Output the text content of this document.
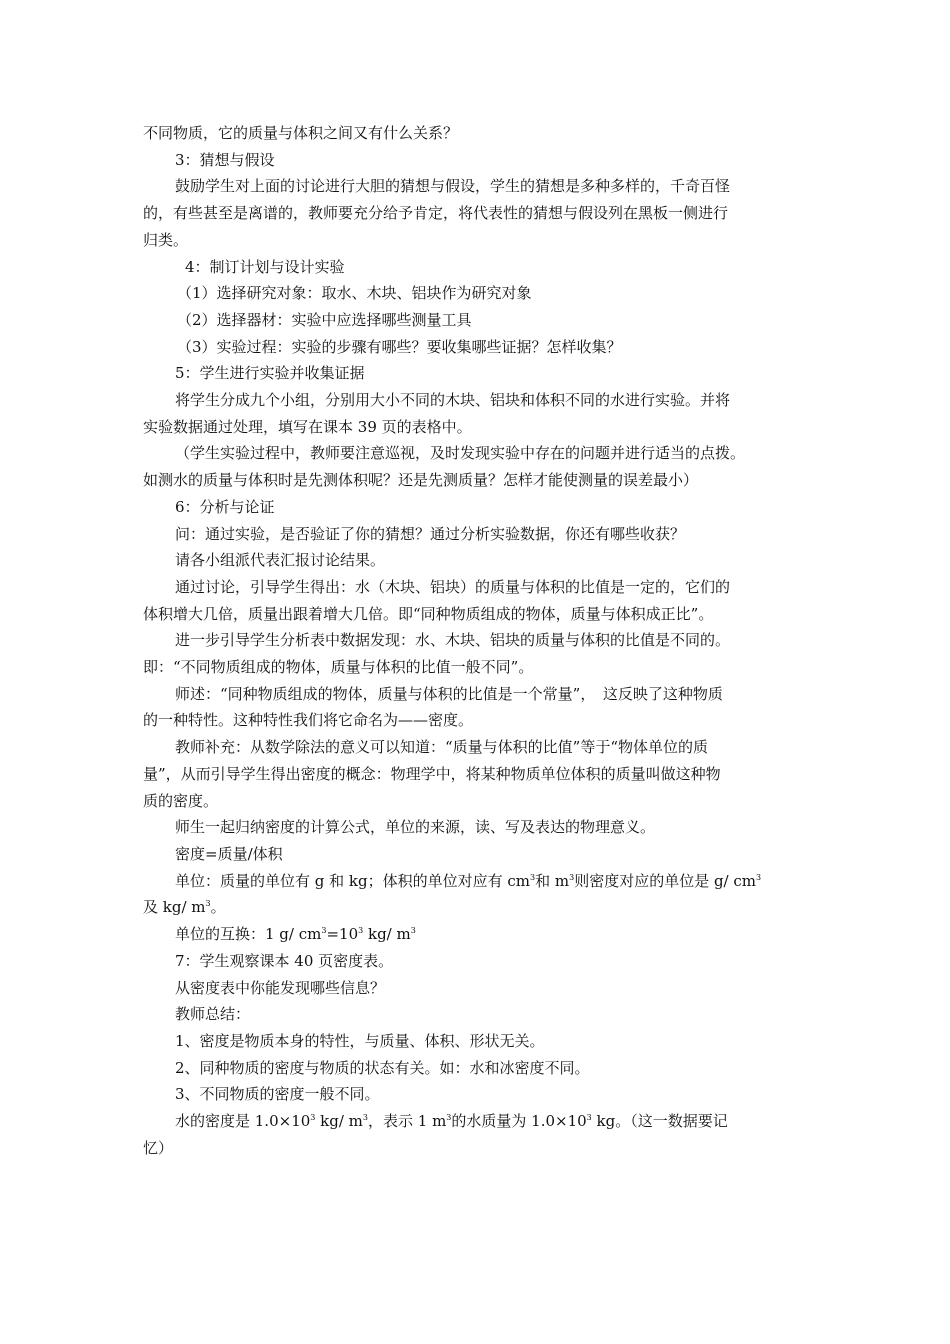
不同物质，它的质量与体积之间又有什么关系？

3：猜想与假设

鼓励学生对上面的讨论进行大胆的猜想与假设，学生的猜想是多种多样的，千奇百怪

的，有些甚至是离谱的，教师要充分给予肯定，将代表性的猜想与假设列在黑板一侧进行

归类。

4：制订计划与设计实验

（1）选择研究对象：取水、木块、铝块作为研究对象

（2）选择器材：实验中应选择哪些测量工具

（3）实验过程：实验的步骤有哪些？要收集哪些证据？怎样收集？

5：学生进行实验并收集证据

将学生分成九个小组，分别用大小不同的木块、铝块和体积不同的水进行实验。并将

实验数据通过处理，填写在课本 39 页的表格中。

（学生实验过程中，教师要注意巡视，及时发现实验中存在的问题并进行适当的点拨。

如测水的质量与体积时是先测体积呢？还是先测质量？怎样才能使测量的误差最小）

6：分析与论证

问：通过实验，是否验证了你的猜想？通过分析实验数据，你还有哪些收获？

请各小组派代表汇报讨论结果。

通过讨论，引导学生得出：水（木块、铝块）的质量与体积的比值是一定的，它们的

体积增大几倍，质量出跟着增大几倍。即“同种物质组成的物体，质量与体积成正比”。

进一步引导学生分析表中数据发现：水、木块、铝块的质量与体积的比值是不同的。

即：“不同物质组成的物体，质量与体积的比值一般不同”。

师述：“同种物质组成的物体，质量与体积的比值是一个常量”，　这反映了这种物质

的一种特性。这种特性我们将它命名为——密度。

教师补充：从数学除法的意义可以知道：“质量与体积的比值”等于“物体单位的质

量”，从而引导学生得出密度的概念：物理学中，将某种物质单位体积的质量叫做这种物

质的密度。

师生一起归纳密度的计算公式，单位的来源，读、写及表达的物理意义。

密度=质量/体积

单位：质量的单位有 g 和 kg；体积的单位对应有 $cm^3$和 $m^3$则密度对应的单位是 g/ $cm^3$

及 kg/ $m^3$。

单位的互换：1 g/ $cm^3=10^3$ kg/ $m^3$

7：学生观察课本 40 页密度表。

从密度表中你能发现哪些信息？

教师总结：

1、密度是物质本身的特性，与质量、体积、形状无关。

2、同种物质的密度与物质的状态有关。如：水和冰密度不同。

3、不同物质的密度一般不同。

水的密度是 $1.0\times 10^3$ kg/ $m^3$，表示 1 $m^3$的水质量为 $1.0\times 10^3$ kg。（这一数据要记

忆）
